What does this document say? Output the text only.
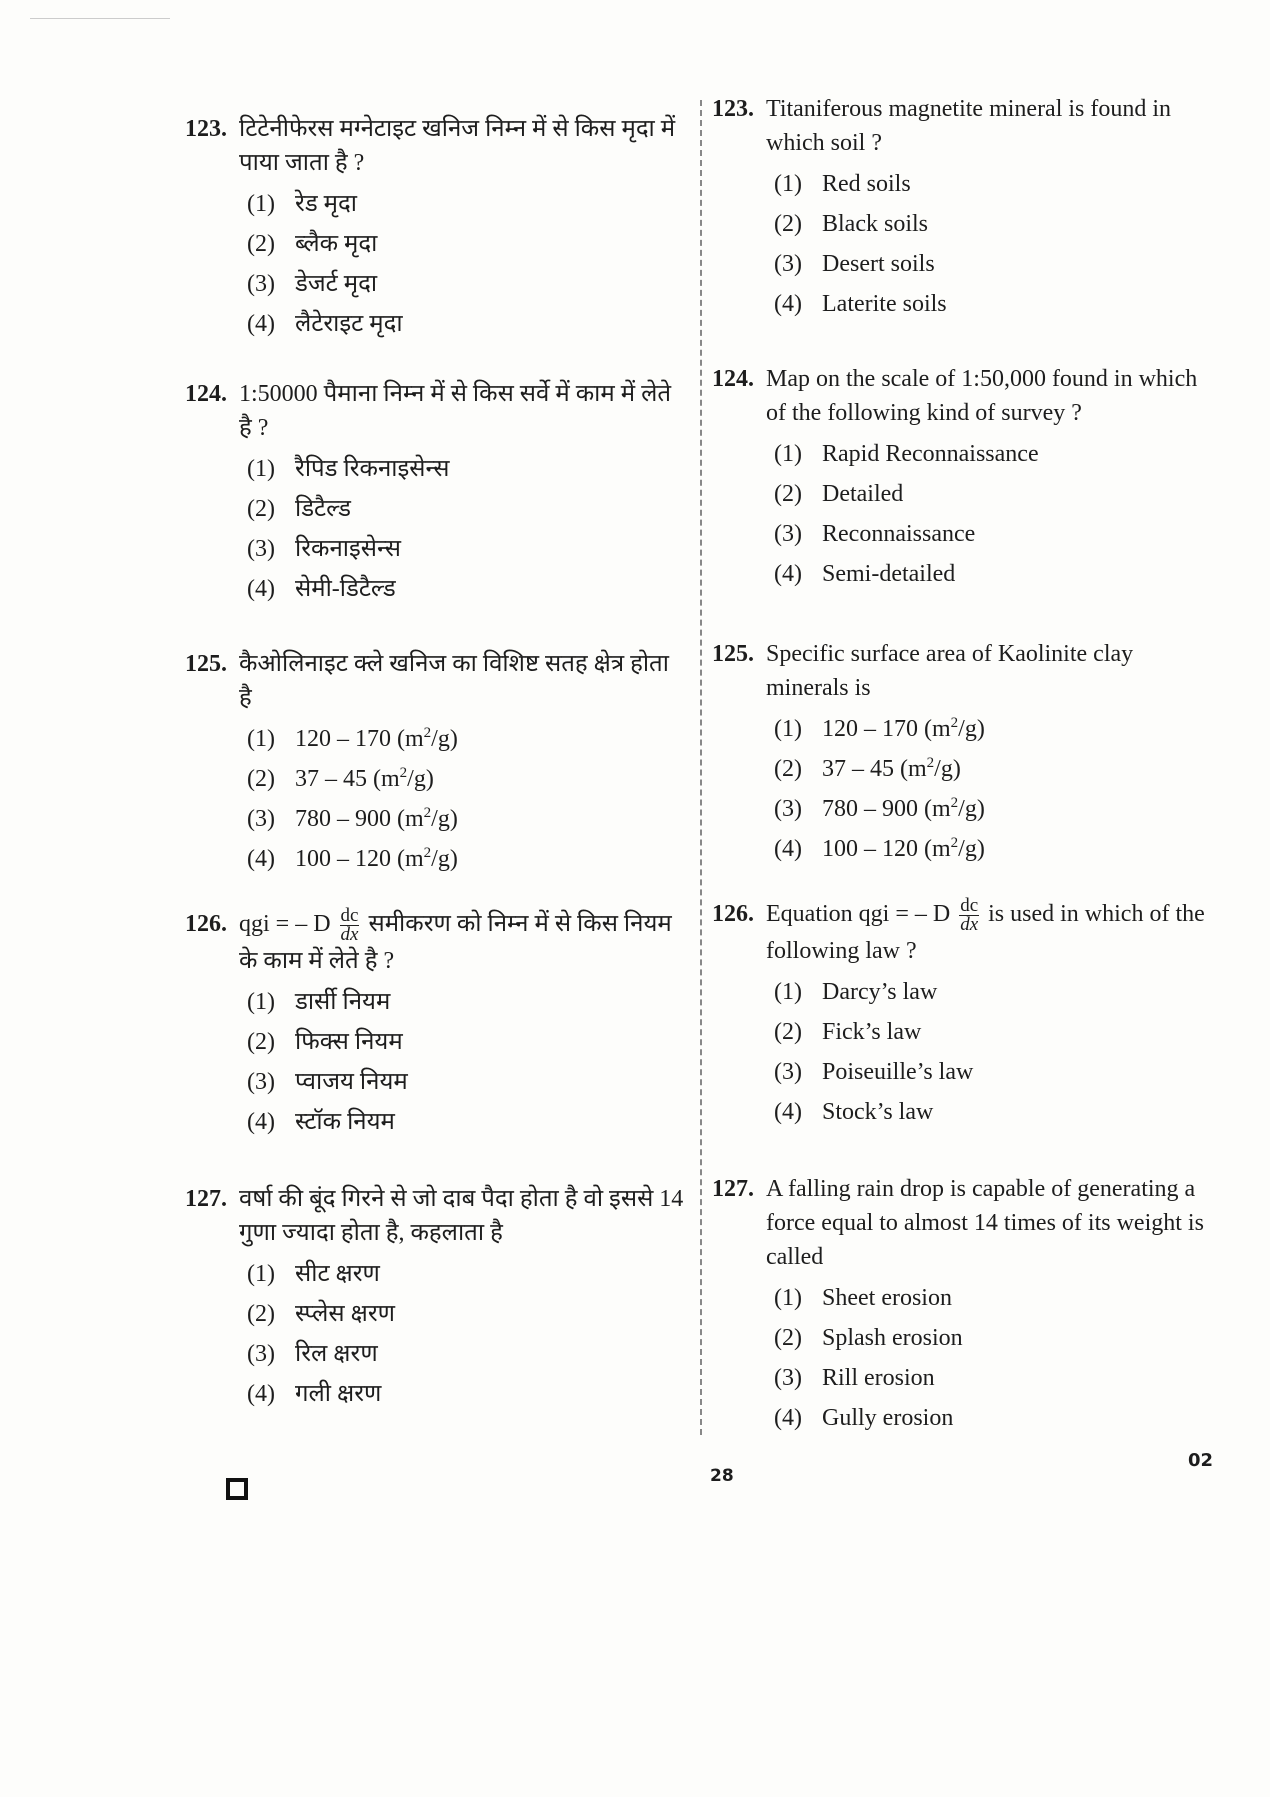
123. टिटेनीफेरस मग्नेटाइट खनिज निम्न में से किस मृदा में पाया जाता है ?
(1) रेड मृदा
(2) ब्लैक मृदा
(3) डेजर्ट मृदा
(4) लैटेराइट मृदा
124. 1:50000 पैमाना निम्न में से किस सर्वे में काम में लेते है ?
(1) रैपिड रिकनाइसेन्स
(2) डिटैल्ड
(3) रिकनाइसेन्स
(4) सेमी-डिटैल्ड
125. कैओलिनाइट क्ले खनिज का विशिष्ट सतह क्षेत्र होता है
(1) 120 – 170 $(m^2/g)$
(2) 37 – 45 $(m^2/g)$
(3) 780 – 900 $(m^2/g)$
(4) 100 – 120 $(m^2/g)$
126. qgi = – D $\frac{dc}{dx}$ समीकरण को निम्न में से किस नियम के काम में लेते है ?
(1) डार्सी नियम
(2) फिक्स नियम
(3) प्वाजय नियम
(4) स्टॉक नियम
127. वर्षा की बूंद गिरने से जो दाब पैदा होता है वो इससे 14 गुणा ज्यादा होता है, कहलाता है
(1) सीट क्षरण
(2) स्प्लेस क्षरण
(3) रिल क्षरण
(4) गली क्षरण
123. Titaniferous magnetite mineral is found in which soil ?
(1) Red soils
(2) Black soils
(3) Desert soils
(4) Laterite soils
124. Map on the scale of 1:50,000 found in which of the following kind of survey ?
(1) Rapid Reconnaissance
(2) Detailed
(3) Reconnaissance
(4) Semi-detailed
125. Specific surface area of Kaolinite clay minerals is
(1) 120 – 170 $(m^2/g)$
(2) 37 – 45 $(m^2/g)$
(3) 780 – 900 $(m^2/g)$
(4) 100 – 120 $(m^2/g)$
126. Equation qgi = – D $\frac{dc}{dx}$ is used in which of the following law ?
(1) Darcy’s law
(2) Fick’s law
(3) Poiseuille’s law
(4) Stock’s law
127. A falling rain drop is capable of generating a force equal to almost 14 times of its weight is called
(1) Sheet erosion
(2) Splash erosion
(3) Rill erosion
(4) Gully erosion
28
02
